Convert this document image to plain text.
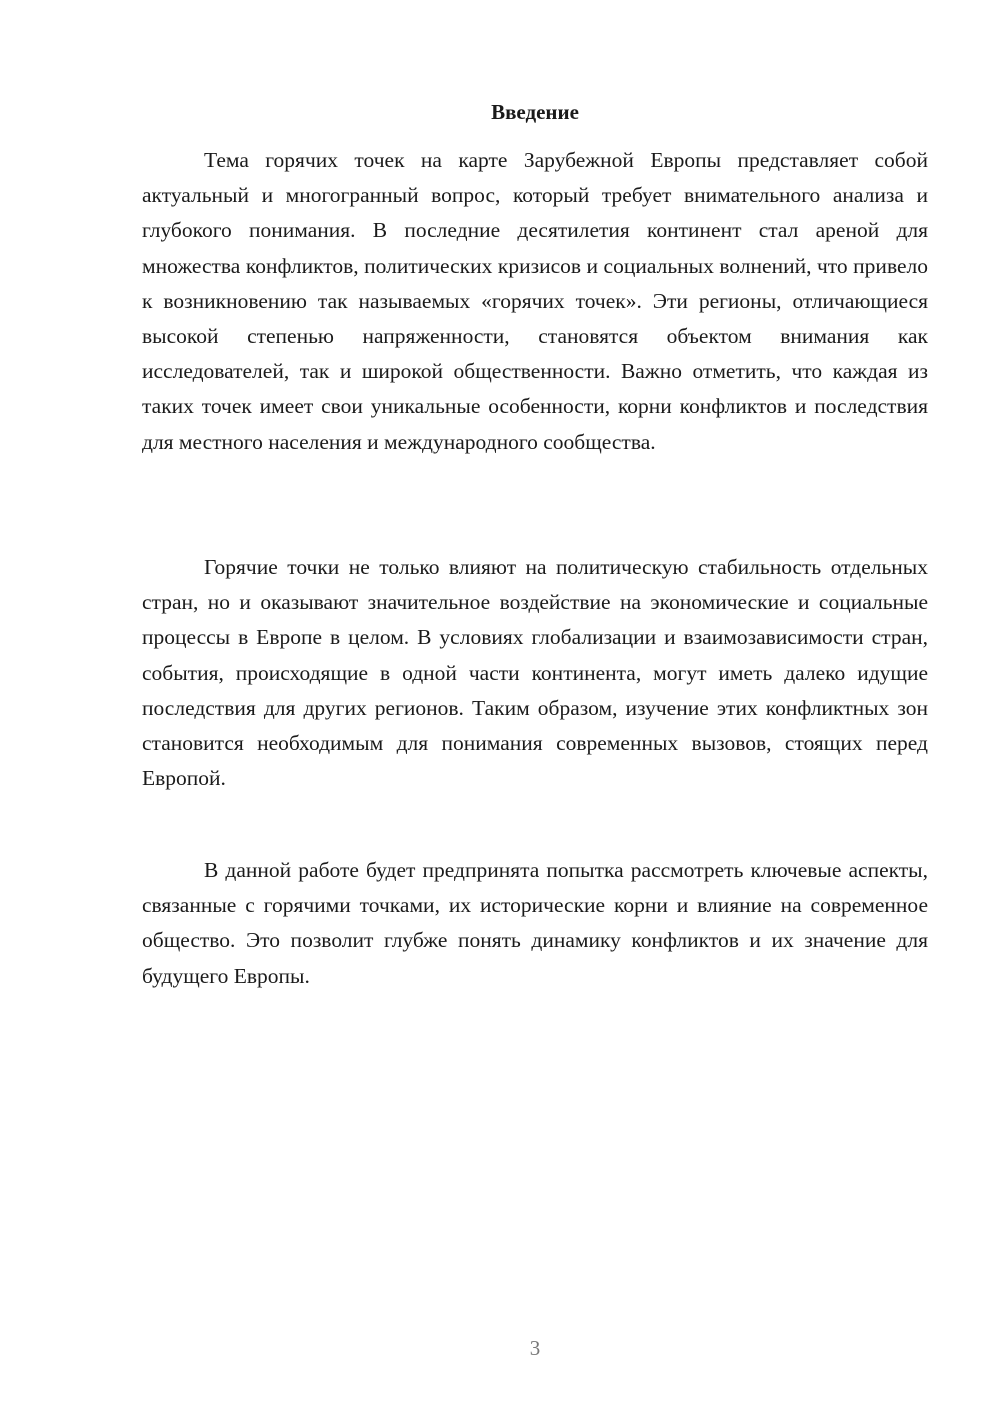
Введение

Тема горячих точек на карте Зарубежной Европы представляет собой актуальный и многогранный вопрос, который требует внимательного анализа и глубокого понимания. В последние десятилетия континент стал ареной для множества конфликтов, политических кризисов и социальных волнений, что привело к возникновению так называемых «горячих точек». Эти регионы, отличающиеся высокой степенью напряженности, становятся объектом внимания как исследователей, так и широкой общественности. Важно отметить, что каждая из таких точек имеет свои уникальные особенности, корни конфликтов и последствия для местного населения и международного сообщества.

Горячие точки не только влияют на политическую стабильность отдельных стран, но и оказывают значительное воздействие на экономические и социальные процессы в Европе в целом. В условиях глобализации и взаимозависимости стран, события, происходящие в одной части континента, могут иметь далеко идущие последствия для других регионов. Таким образом, изучение этих конфликтных зон становится необходимым для понимания современных вызовов, стоящих перед Европой.

В данной работе будет предпринята попытка рассмотреть ключевые аспекты, связанные с горячими точками, их исторические корни и влияние на современное общество. Это позволит глубже понять динамику конфликтов и их значение для будущего Европы.

3
